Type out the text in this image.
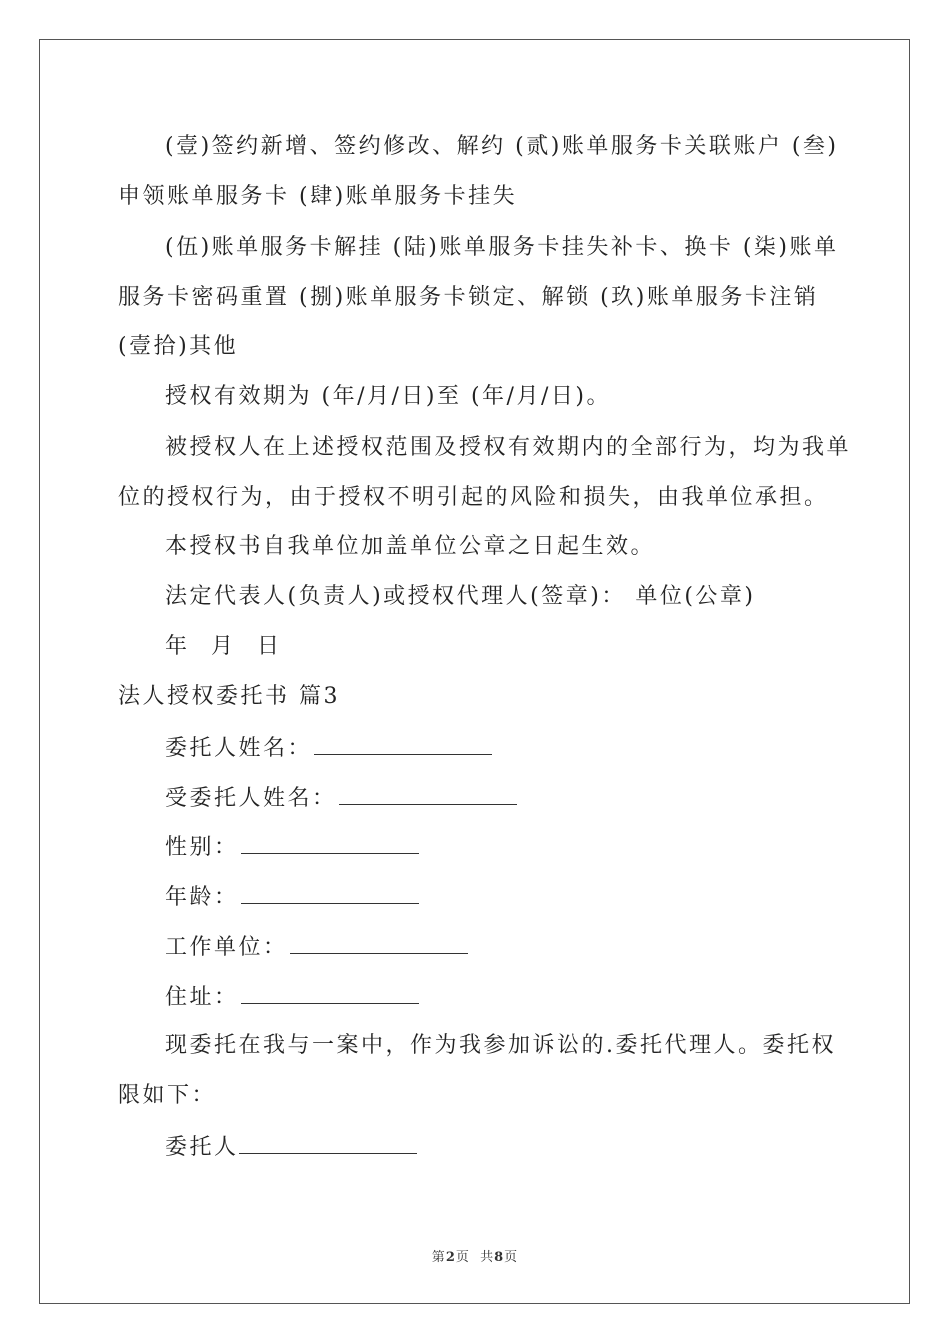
(壹)签约新增、签约修改、解约 (贰)账单服务卡关联账户 (叁)
申领账单服务卡 (肆)账单服务卡挂失
(伍)账单服务卡解挂 (陆)账单服务卡挂失补卡、换卡 (柒)账单
服务卡密码重置 (捌)账单服务卡锁定、解锁 (玖)账单服务卡注销
(壹拾)其他
授权有效期为 (年/月/日)至 (年/月/日)。
被授权人在上述授权范围及授权有效期内的全部行为，均为我单
位的授权行为，由于授权不明引起的风险和损失，由我单位承担。
本授权书自我单位加盖单位公章之日起生效。
法定代表人(负责人)或授权代理人(签章)： 单位(公章)
年 月 日
法人授权委托书 篇3
委托人姓名：
受委托人姓名：
性别：
年龄：
工作单位：
住址：
现委托在我与一案中，作为我参加诉讼的.委托代理人。委托权
限如下：
委托人
第2页  共8页
